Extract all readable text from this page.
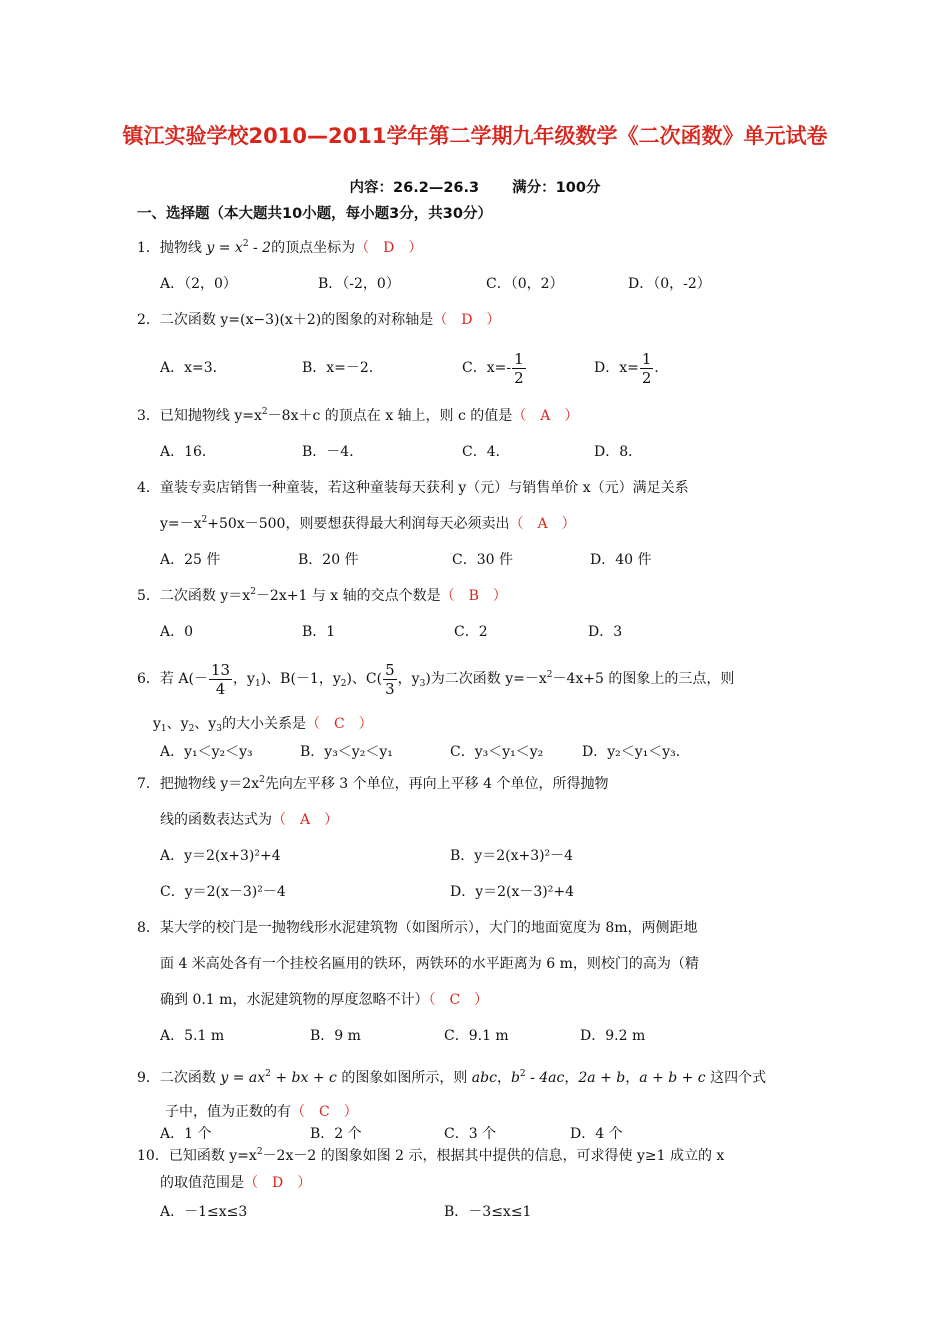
镇江实验学校2010—2011学年第二学期九年级数学《二次函数》单元试卷
内容：26.2—26.3 满分：100分
一、选择题（本大题共10小题，每小题3分，共30分）
1．抛物线 $y = x^2 - 2$的顶点坐标为（　D　）
A．（2，0）	B．（-2，0）	C．（0，2）	D．（0，-2）
2．二次函数 y=(x−3)(x＋2)的图象的对称轴是（　D　）
A．x=3．	B．x=－2．	C．$x=- \frac{1}{2}$	D．$x= \frac{1}{2}$ ．
3．已知抛物线 $y=x^2-8x+c$ 的顶点在 x 轴上，则 c 的值是（　A　）
A．16．	B．－4．	C．4．	D．8．
4．童装专卖店销售一种童装，若这种童装每天获利 y（元）与销售单价 x（元）满足关系
$y=-x^2+50x-500$，则要想获得最大利润每天必须卖出（　A　）
A．25 件	B．20 件	C．30 件	D．40 件
5．二次函数 $y=x^2-2x+1$ 与 x 轴的交点个数是（　B　）
A．0	B．1	C．2	D．3
6．若 $A(- \frac{13}{4}$ ，$y_1$)、B(－1，$y_2$)、$C( \frac{5}{3}$ ，$y_3$)为二次函数 $y=-x^2-4x+5$ 的图象上的三点，则
$y_1$、$y_2$、$y_3$的大小关系是（　C　）
A．y₁＜y₂＜y₃	B．y₃＜y₂＜y₁	C．y₃＜y₁＜y₂	D．y₂＜y₁＜y₃．
7．把抛物线 $y=2x^2$先向左平移 3 个单位，再向上平移 4 个单位，所得抛物
线的函数表达式为（　A　）
A．y＝2(x+3)²+4	B．y＝2(x+3)²－4
C．y＝2(x－3)²－4	D．y＝2(x－3)²+4
8．某大学的校门是一抛物线形水泥建筑物（如图所示），大门的地面宽度为 8m，两侧距地
面 4 米高处各有一个挂校名匾用的铁环，两铁环的水平距离为 6 m，则校门的高为（精
确到 0.1 m，水泥建筑物的厚度忽略不计）（　C　）
A．5.1 m	B．9 m	C．9.1 m	D．9.2 m
9．二次函数 $y = ax^2$ + bx + c 的图象如图所示，则 abc，$b^2 - 4ac$，2a + b，a + b + c 这四个式
子中，值为正数的有（　C　）
A．1 个	B．2 个	C．3 个	D．4 个
10．已知函数 $y=x^2-2x-2$ 的图象如图 2 示，根据其中提供的信息，可求得使 y≥1 成立的 x
的取值范围是（　D　）
A．－1≤x≤3	B．－3≤x≤1
